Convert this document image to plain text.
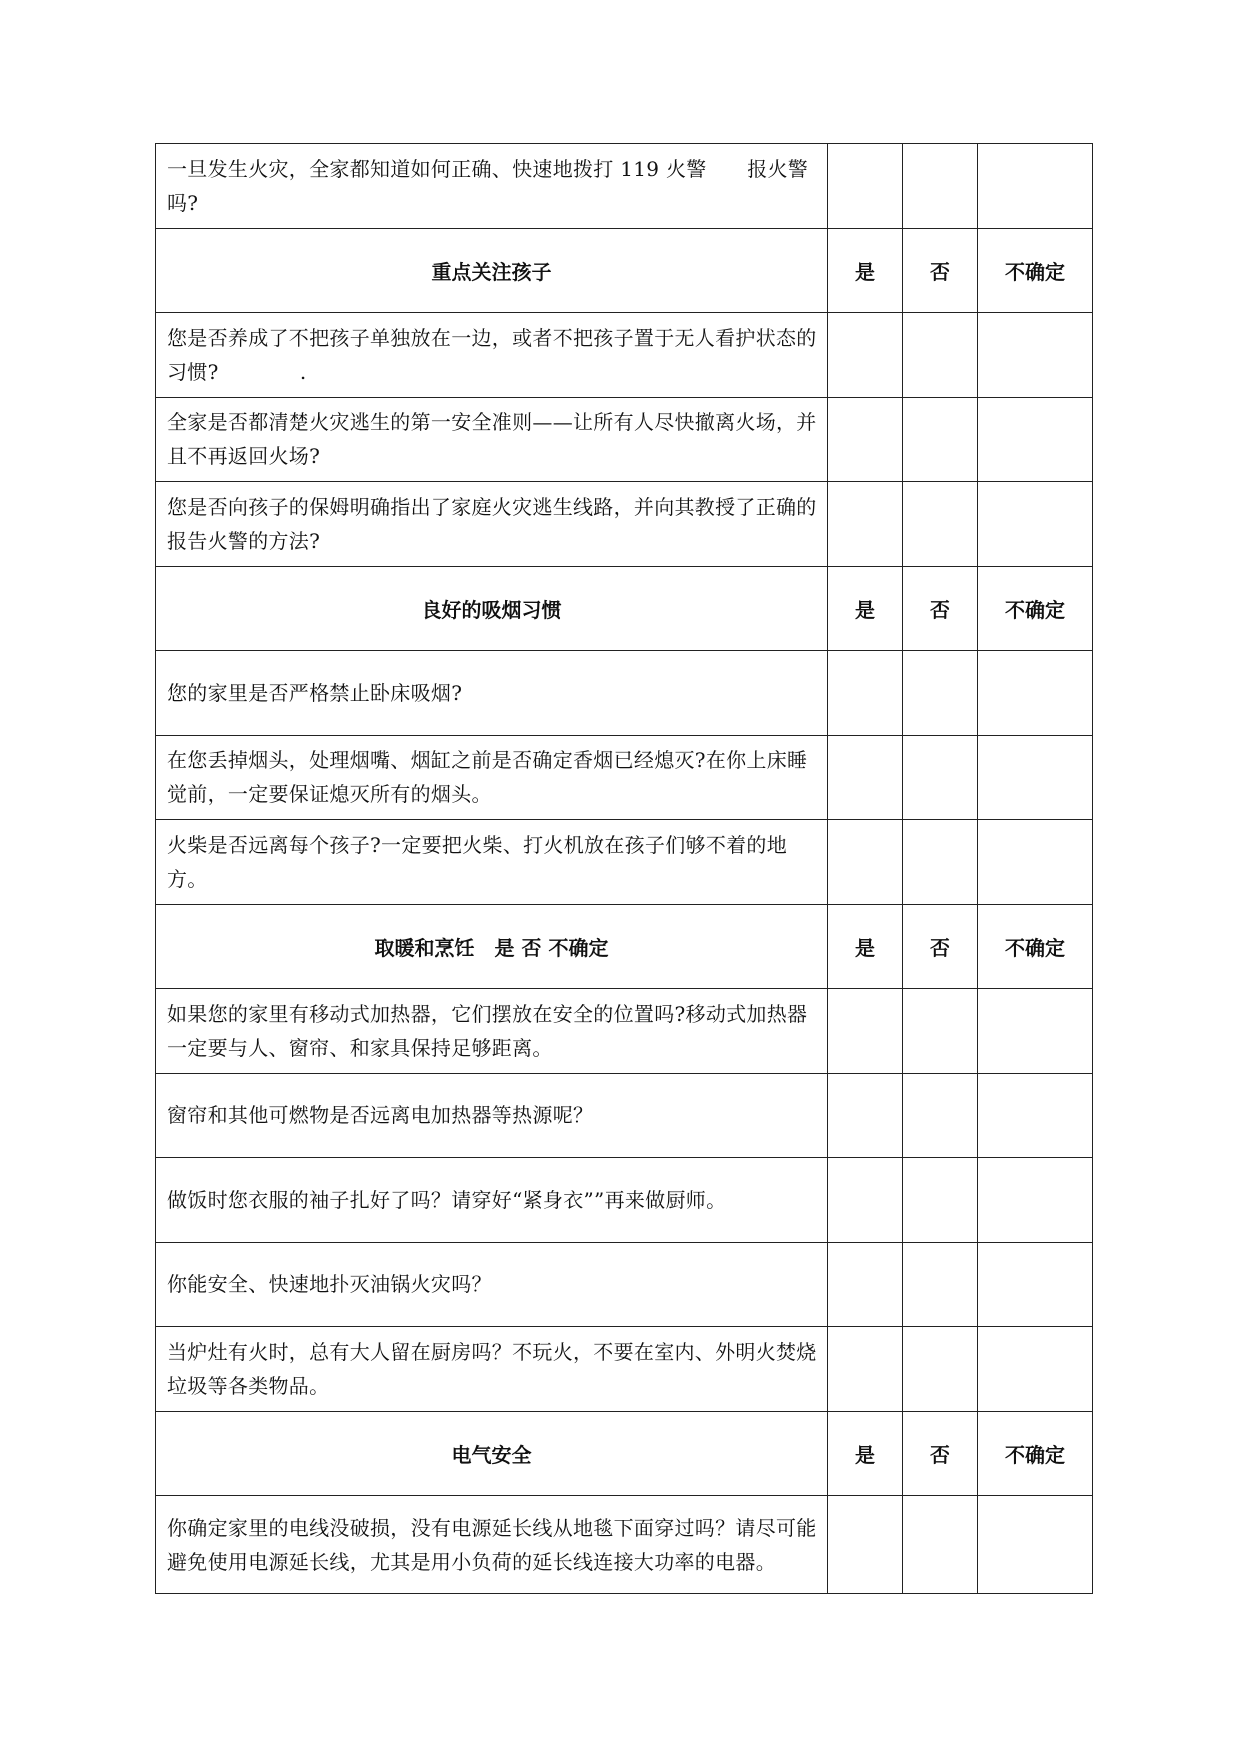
一旦发生火灾，全家都知道如何正确、快速地拨打 119 火警　　报火警吗?			
重点关注孩子	是	否	不确定
您是否养成了不把孩子单独放在一边，或者不把孩子置于无人看护状态的习惯?　　　　.			
全家是否都清楚火灾逃生的第一安全准则——让所有人尽快撤离火场，并且不再返回火场?			
您是否向孩子的保姆明确指出了家庭火灾逃生线路，并向其教授了正确的报告火警的方法?			
良好的吸烟习惯	是	否	不确定
您的家里是否严格禁止卧床吸烟?			
在您丢掉烟头，处理烟嘴、烟缸之前是否确定香烟已经熄灭?在你上床睡觉前，一定要保证熄灭所有的烟头。			
火柴是否远离每个孩子?一定要把火柴、打火机放在孩子们够不着的地方。			
取暖和烹饪　是 否 不确定	是	否	不确定
如果您的家里有移动式加热器，它们摆放在安全的位置吗?移动式加热器一定要与人、窗帘、和家具保持足够距离。			
窗帘和其他可燃物是否远离电加热器等热源呢？			
做饭时您衣服的袖子扎好了吗？请穿好“紧身衣””再来做厨师。			
你能安全、快速地扑灭油锅火灾吗？			
当炉灶有火时，总有大人留在厨房吗？不玩火，不要在室内、外明火焚烧垃圾等各类物品。			
电气安全	是	否	不确定
你确定家里的电线没破损，没有电源延长线从地毯下面穿过吗？请尽可能避免使用电源延长线，尤其是用小负荷的延长线连接大功率的电器。			
